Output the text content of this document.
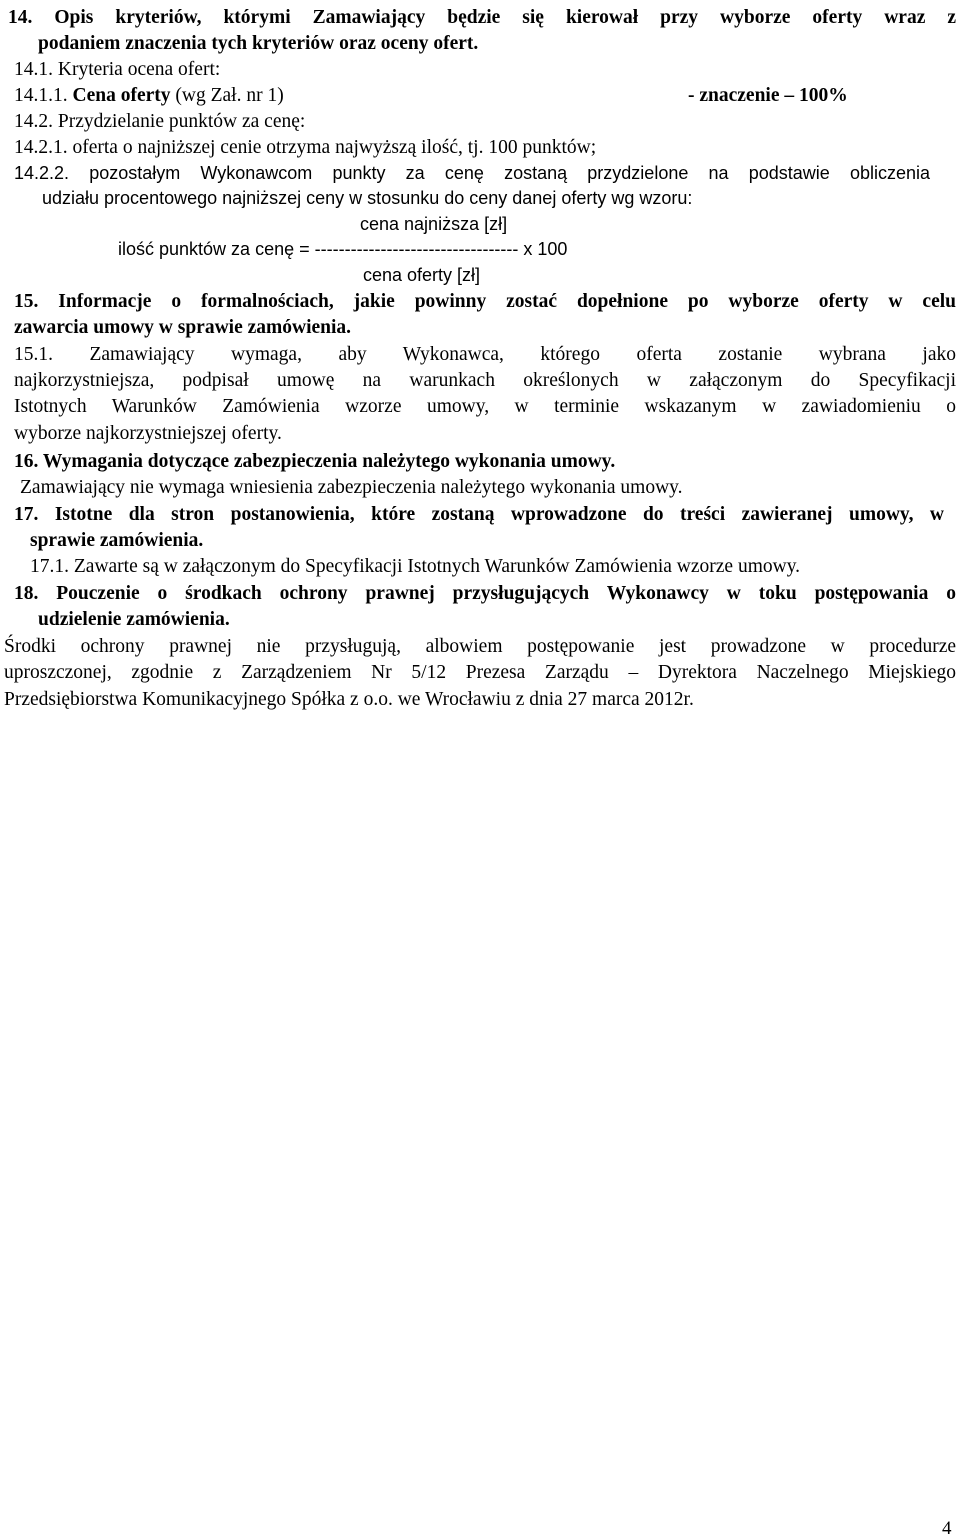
14. Opis kryteriów, którymi Zamawiający będzie się kierował przy wyborze oferty wraz z
podaniem znaczenia tych kryteriów oraz oceny ofert.
14.1. Kryteria ocena ofert:
14.1.1. Cena oferty (wg Zał. nr 1)	- znaczenie – 100%
14.2. Przydzielanie punktów za cenę:
14.2.1. oferta o najniższej cenie otrzyma najwyższą ilość, tj. 100 punktów;
14.2.2. pozostałym Wykonawcom punkty za cenę zostaną przydzielone na podstawie obliczenia
udziału procentowego najniższej ceny w stosunku do ceny danej oferty wg wzoru:
cena najniższa [zł]
ilość punktów za cenę = ---------------------------------- x 100
cena oferty [zł]
15. Informacje o formalnościach, jakie powinny zostać dopełnione po wyborze oferty w celu
zawarcia umowy w sprawie zamówienia.
15.1. Zamawiający wymaga, aby Wykonawca, którego oferta zostanie wybrana jako
najkorzystniejsza, podpisał umowę na warunkach określonych w załączonym do Specyfikacji
Istotnych Warunków Zamówienia wzorze umowy, w terminie wskazanym w zawiadomieniu o
wyborze najkorzystniejszej oferty.
16. Wymagania dotyczące zabezpieczenia należytego wykonania umowy.
Zamawiający nie wymaga wniesienia zabezpieczenia należytego wykonania umowy.
17. Istotne dla stron postanowienia, które zostaną wprowadzone do treści zawieranej umowy, w
sprawie zamówienia.
17.1. Zawarte są w załączonym do Specyfikacji Istotnych Warunków Zamówienia wzorze umowy.
18. Pouczenie o środkach ochrony prawnej przysługujących Wykonawcy w toku postępowania o
udzielenie zamówienia.
Środki ochrony prawnej nie przysługują, albowiem postępowanie jest prowadzone w procedurze
uproszczonej, zgodnie z Zarządzeniem Nr 5/12 Prezesa Zarządu – Dyrektora Naczelnego Miejskiego
Przedsiębiorstwa Komunikacyjnego Spółka z o.o. we Wrocławiu z dnia 27 marca 2012r.
4
